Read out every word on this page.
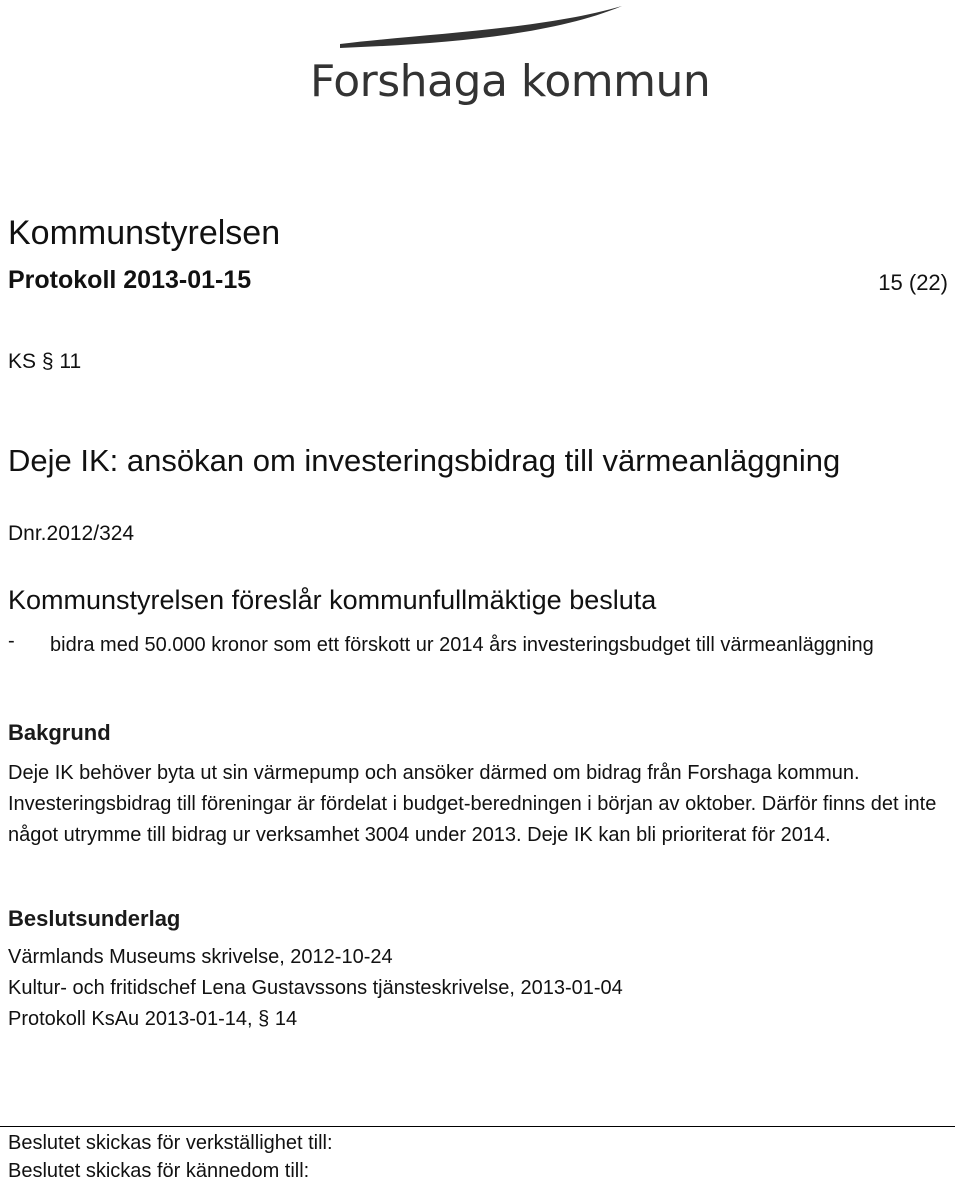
Forshaga kommun
Kommunstyrelsen
Protokoll 2013-01-15	15 (22)
KS § 11
Deje IK: ansökan om investeringsbidrag till värmeanläggning
Dnr.2012/324
Kommunstyrelsen föreslår kommunfullmäktige besluta
- bidra med 50.000 kronor som ett förskott ur 2014 års investeringsbudget till värmeanläggning
Bakgrund
Deje IK behöver byta ut sin värmepump och ansöker därmed om bidrag från Forshaga kommun. Investeringsbidrag till föreningar är fördelat i budget-beredningen i början av oktober. Därför finns det inte något utrymme till bidrag ur verksamhet 3004 under 2013. Deje IK kan bli prioriterat för 2014.
Beslutsunderlag
Värmlands Museums skrivelse, 2012-10-24
Kultur- och fritidschef Lena Gustavssons tjänsteskrivelse, 2013-01-04
Protokoll KsAu 2013-01-14, § 14
Beslutet skickas för verkställighet till:
Beslutet skickas för kännedom till:
